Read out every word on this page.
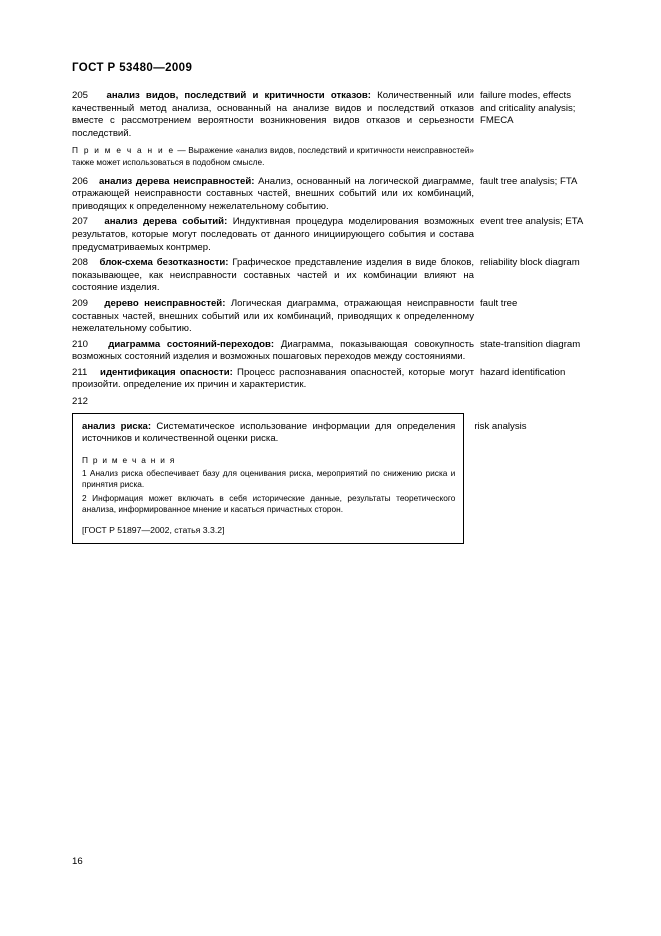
ГОСТ Р 53480—2009
205 анализ видов, последствий и критичности отказов: Количественный или качественный метод анализа, основанный на анализе видов и последствий отказов вместе с рассмотрением вероятности возникновения видов отказов и серьезности последствий.
failure modes, effects and criticality analysis; FMECA
П р и м е ч а н и е — Выражение «анализ видов, последствий и критичности неисправностей» также может использоваться в подобном смысле.
206 анализ дерева неисправностей: Анализ, основанный на логической диаграмме, отражающей неисправности составных частей, внешних событий или их комбинаций, приводящих к определенному нежелательному событию.
fault tree analysis; FTA
207 анализ дерева событий: Индуктивная процедура моделирования возможных результатов, которые могут последовать от данного инициирующего события и состава предусматриваемых контрмер.
event tree analysis; ETA
208 блок-схема безотказности: Графическое представление изделия в виде блоков, показывающее, как неисправности составных частей и их комбинации влияют на состояние изделия.
reliability block diagram
209 дерево неисправностей: Логическая диаграмма, отражающая неисправности составных частей, внешних событий или их комбинаций, приводящих к определенному нежелательному событию.
fault tree
210 диаграмма состояний-переходов: Диаграмма, показывающая совокупность возможных состояний изделия и возможных пошаговых переходов между состояниями.
state-transition diagram
211 идентификация опасности: Процесс распознавания опасностей, которые могут произойти. определение их причин и характеристик.
hazard identification
212
анализ риска: Систематическое использование информации для определения источников и количественной оценки риска.
П р и м е ч а н и я
1 Анализ риска обеспечивает базу для оценивания риска, мероприятий по снижению риска и принятия риска.
2 Информация может включать в себя исторические данные, результаты теоретического анализа, информированное мнение и касаться причастных сторон.
[ГОСТ Р 51897—2002, статья 3.3.2]
risk analysis
16
